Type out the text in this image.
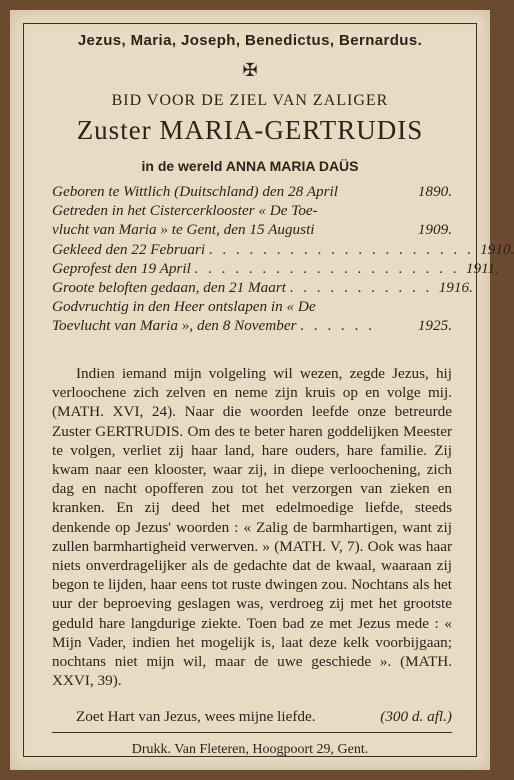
Jezus, Maria, Joseph, Benedictus, Bernardus.
✠
BID VOOR DE ZIEL VAN ZALIGER
Zuster MARIA-GERTRUDIS
in de wereld ANNA MARIA DAÜS
Geboren te Wittlich (Duitschland) den 28 April	1890.
Getreden in het Cistercerklooster « De Toe-
vlucht van Maria » te Gent, den 15 Augusti	1909.
Gekleed den 22 Februari . . . . . . . . . . . . . . . . . . . . 1910.
Geprofest den 19 April . . . . . . . . . . . . . . . . . . . . 1911.
Groote beloften gedaan, den 21 Maart . . . . . . . . . . . 1916.
Godvruchtig in den Heer ontslapen in « De
Toevlucht van Maria », den 8 November . . . . . .	1925.

Indien iemand mijn volgeling wil wezen, zegde Jezus, hij verloochene zich zelven en neme zijn kruis op en volge mij. (MATH. XVI, 24). Naar die woorden leefde onze betreurde Zuster GERTRUDIS. Om des te beter haren goddelijken Meester te volgen, verliet zij haar land, hare ouders, hare familie. Zij kwam naar een klooster, waar zij, in diepe verloochening, zich dag en nacht opofferen zou tot het verzorgen van zieken en kranken. En zij deed het met edelmoedige liefde, steeds denkende op Jezus' woorden : « Zalig de barmhartigen, want zij zullen barmhartigheid verwerven. » (MATH. V, 7). Ook was haar niets onverdragelijker als de gedachte dat de kwaal, waaraan zij begon te lijden, haar eens tot ruste dwingen zou. Nochtans als het uur der beproeving geslagen was, verdroeg zij met het grootste geduld hare langdurige ziekte. Toen bad ze met Jezus mede : « Mijn Vader, indien het mogelijk is, laat deze kelk voorbijgaan; nochtans niet mijn wil, maar de uwe geschiede ». (MATH. XXVI, 39).

Zoet Hart van Jezus, wees mijne liefde.	(300 d. afl.)
Drukk. Van Fleteren, Hoogpoort 29, Gent.
